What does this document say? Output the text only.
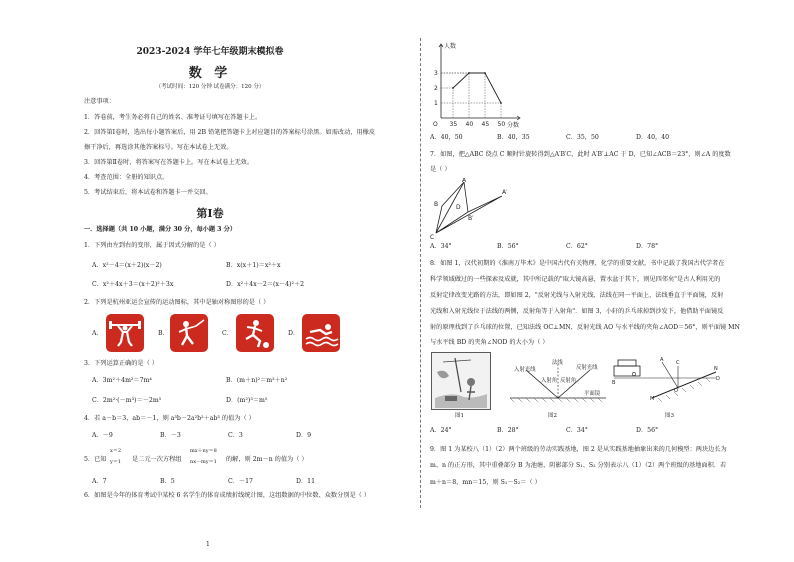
2023-2024 学年七年级期末模拟卷
数 学
（考试时间：120 分钟 试卷满分：120 分）
注意事项：
1．答卷前，考生务必将自己的姓名、准考证号填写在答题卡上。
2．回答第Ⅰ卷时，选出每小题答案后，用 2B 铅笔把答题卡上对应题目的答案标号涂黑。如需改动，用橡皮
擦干净后，再选涂其他答案标号。写在本试卷上无效。
3．回答第Ⅱ卷时，将答案写在答题卡上。写在本试卷上无效。
4．考查范围：全册的知识点。
5．考试结束后，将本试卷和答题卡一并交回。
第Ⅰ卷
一．选择题（共 10 小题，满分 30 分，每小题 3 分）
1．下列由左到右的变形，属于因式分解的是（ ）
A．x²－4＝(x＋2)(x－2)	B．x(x＋1)＝x²＋x
C．x²＋4x＋3＝(x＋2)²＋3x	D．x²＋4x－2＝(x－4)²＋2
2．下列是杭州亚运会宣传的运动图标，其中是轴对称图形的是（ ）
A．	B．	C．	D．
3．下列运算正确的是（ ）
A．3m²＋4m²＝7m⁴	B．(m＋n)²＝m²＋n²
C．2m²·(－m³)＝－2m⁵	D．(m²)³＝m⁵
4．若 a－b＝3，ab＝－1，则 a³b－2a²b²＋ab³ 的值为（ ）
A．－9	B．－3	C．3	D．9
5．已知
x＝2
y＝1 是二元一次方程组
mx＋ny＝8
nx－my＝1 的解，则 2m－n 的值为（ ）
A．7	B．5	C．－17	D．11
6．如图是今年的体育考试中某校 6 名学生的体育成绩折线统计图，这组数据的中位数、众数分别是（ ）
1
人数
分数
O
1
2
3
35 40 45 50
A．40，50	B．40，35	C．35，50	D．40，40
7．如图，把△ABC 绕点 C 顺时针旋转得到△A′B′C，此时 A′B′⊥AC 于 D，已知∠ACB＝23°，则∠A 的度数
是（ ）
A
A′
B
B′
C
D
A．34°	B．56°	C．62°	D．78°
8．如图 1，汉代初期的《淮南万毕术》是中国古代有关物理、化学的重要文献，书中记载了我国古代学者在
科学领域做过的一些探索及成就，其中所记载的"取大镜高悬，置水盆于其下，则见四邻矣"是古人利用光的
反射定律改变光路的方法，即如图 2，"反射光线与入射光线、法线在同一平面上，法线垂直于平面镜，反射
光线和入射光线位于法线的两侧，反射角等于入射角"．如图 3，小轩的乒乓球掉到沙发下，他借助平面镜反
射的原理找到了乒乓球的位置，已知法线 OC⊥MN，反射光线 AO 与水平线的夹角∠AOD＝56°，则平面镜 MN
与水平线 BD 的夹角∠NOD 的大小为（ ）
图1
法线
入射光线	反射光线
入射角 反射角
平面镜
图2
A	C
O
M
N
D
B
图3
A．24°	B．28°	C．34°	D．56°
9．图 1 为某校八（1）（2）两个班级的劳动实践基地，图 2 是从实践基地抽象出来的几何模型：两块边长为
m、n 的正方形，其中重叠部分 B 为池塘，阴影部分 S₁、S₂ 分别表示八（1）（2）两个班级的基地面积．若
m＋n＝8，mn＝15，则 S₁－S₂＝（ ）
